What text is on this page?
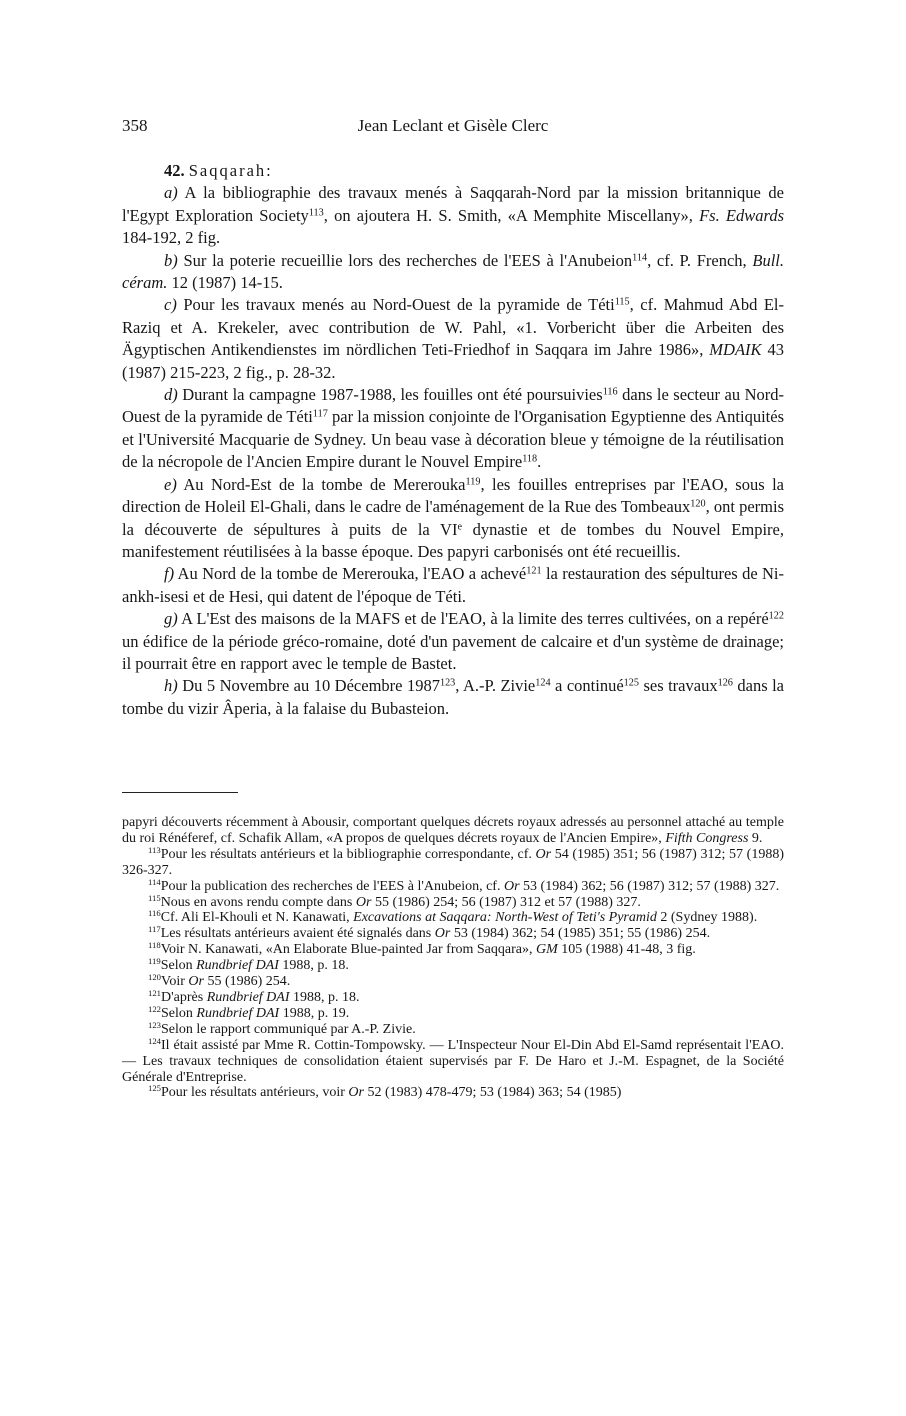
358	Jean Leclant et Gisèle Clerc

42. Saqqarah:

a) A la bibliographie des travaux menés à Saqqarah-Nord par la mission britannique de l'Egypt Exploration Society$^{113}$, on ajoutera H. S. Smith, «A Memphite Miscellany», Fs. Edwards 184-192, 2 fig.

b) Sur la poterie recueillie lors des recherches de l'EES à l'Anubeion$^{114}$, cf. P. French, Bull. céram. 12 (1987) 14-15.

c) Pour les travaux menés au Nord-Ouest de la pyramide de Téti$^{115}$, cf. Mahmud Abd El-Raziq et A. Krekeler, avec contribution de W. Pahl, «1. Vorbericht über die Arbeiten des Ägyptischen Antikendienstes im nördlichen Teti-Friedhof in Saqqara im Jahre 1986», MDAIK 43 (1987) 215-223, 2 fig., p. 28-32.

d) Durant la campagne 1987-1988, les fouilles ont été poursuivies$^{116}$ dans le secteur au Nord-Ouest de la pyramide de Téti$^{117}$ par la mission conjointe de l'Organisation Egyptienne des Antiquités et l'Université Macquarie de Sydney. Un beau vase à décoration bleue y témoigne de la réutilisation de la nécropole de l'Ancien Empire durant le Nouvel Empire$^{118}$.

e) Au Nord-Est de la tombe de Mererouka$^{119}$, les fouilles entreprises par l'EAO, sous la direction de Holeil El-Ghali, dans le cadre de l'aménagement de la Rue des Tombeaux$^{120}$, ont permis la découverte de sépultures à puits de la VIe dynastie et de tombes du Nouvel Empire, manifestement réutilisées à la basse époque. Des papyri carbonisés ont été recueillis.

f) Au Nord de la tombe de Mererouka, l'EAO a achevé$^{121}$ la restauration des sépultures de Ni-ankh-isesi et de Hesi, qui datent de l'époque de Téti.

g) A L'Est des maisons de la MAFS et de l'EAO, à la limite des terres cultivées, on a repéré$^{122}$ un édifice de la période gréco-romaine, doté d'un pavement de calcaire et d'un système de drainage; il pourrait être en rapport avec le temple de Bastet.

h) Du 5 Novembre au 10 Décembre 1987$^{123}$, A.-P. Zivie$^{124}$ a continué$^{125}$ ses travaux$^{126}$ dans la tombe du vizir Âperia, à la falaise du Bubasteion.

papyri découverts récemment à Abousir, comportant quelques décrets royaux adressés au personnel attaché au temple du roi Rénéferef, cf. Schafik Allam, «A propos de quelques décrets royaux de l'Ancien Empire», Fifth Congress 9.

$^{113}$Pour les résultats antérieurs et la bibliographie correspondante, cf. Or 54 (1985) 351; 56 (1987) 312; 57 (1988) 326-327.

$^{114}$Pour la publication des recherches de l'EES à l'Anubeion, cf. Or 53 (1984) 362; 56 (1987) 312; 57 (1988) 327.

$^{115}$Nous en avons rendu compte dans Or 55 (1986) 254; 56 (1987) 312 et 57 (1988) 327.

$^{116}$Cf. Ali El-Khouli et N. Kanawati, Excavations at Saqqara: North-West of Teti's Pyramid 2 (Sydney 1988).

$^{117}$Les résultats antérieurs avaient été signalés dans Or 53 (1984) 362; 54 (1985) 351; 55 (1986) 254.

$^{118}$Voir N. Kanawati, «An Elaborate Blue-painted Jar from Saqqara», GM 105 (1988) 41-48, 3 fig.

$^{119}$Selon Rundbrief DAI 1988, p. 18.

$^{120}$Voir Or 55 (1986) 254.

$^{121}$D'après Rundbrief DAI 1988, p. 18.

$^{122}$Selon Rundbrief DAI 1988, p. 19.

$^{123}$Selon le rapport communiqué par A.-P. Zivie.

$^{124}$Il était assisté par Mme R. Cottin-Tompowsky. — L'Inspecteur Nour El-Din Abd El-Samd représentait l'EAO. — Les travaux techniques de consolidation étaient supervisés par F. De Haro et J.-M. Espagnet, de la Société Générale d'Entreprise.

$^{125}$Pour les résultats antérieurs, voir Or 52 (1983) 478-479; 53 (1984) 363; 54 (1985)
